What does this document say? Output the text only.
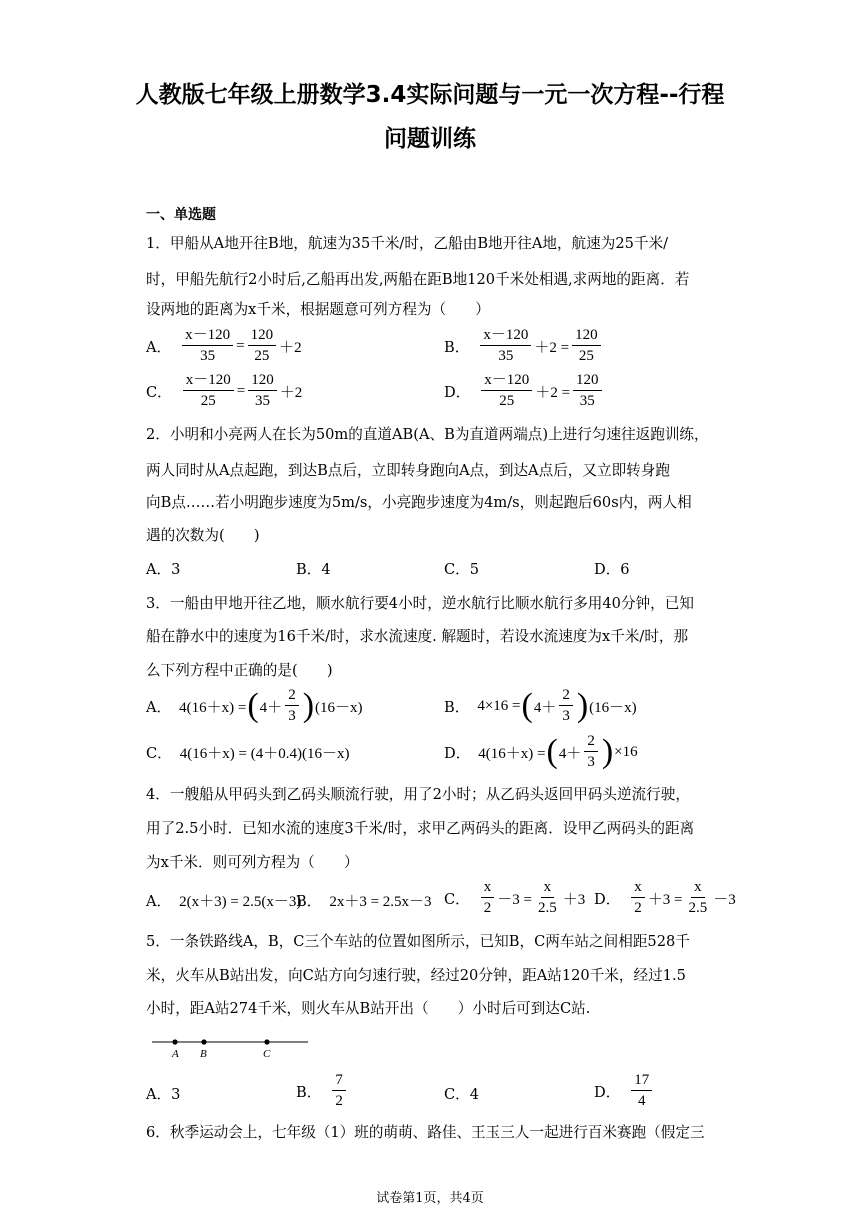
人教版七年级上册数学3.4实际问题与一元一次方程--行程
问题训练
一、单选题
1．甲船从A地开往B地，航速为35千米/时，乙船由B地开往A地，航速为25千米/
时，甲船先航行2小时后,乙船再出发,两船在距B地120千米处相遇,求两地的距离．若
设两地的距离为x千米，根据题意可列方程为（　　）
A． $\frac{x-120}{35} = \frac{120}{25} +2$	B． $\frac{x-120}{35} +2 = \frac{120}{25}$
C． $\frac{x-120}{25} = \frac{120}{35} +2$	D． $\frac{x-120}{25} +2 = \frac{120}{35}$
2．小明和小亮两人在长为50m的直道AB(A、B为直道两端点)上进行匀速往返跑训练，
两人同时从A点起跑，到达B点后，立即转身跑向A点，到达A点后，又立即转身跑
向B点……若小明跑步速度为5m/s，小亮跑步速度为4m/s，则起跑后60s内，两人相
遇的次数为(　　)
A．3	B．4	C．5	D．6
3．一船由甲地开往乙地，顺水航行要4小时，逆水航行比顺水航行多用40分钟，已知
船在静水中的速度为16千米/时，求水流速度. 解题时，若设水流速度为x千米/时，那
么下列方程中正确的是(　　)
A． 4(16＋x) = ( $4+ \frac{2}{3}$ ) (16－x)	B． 4×16 = ( $4+ \frac{2}{3}$ ) (16－x)
C． 4(16＋x) = (4＋0.4)(16－x)	D． 4(16＋x) = ( $4+ \frac{2}{3}$ ) ×16
4．一艘船从甲码头到乙码头顺流行驶，用了2小时；从乙码头返回甲码头逆流行驶，
用了2.5小时．已知水流的速度3千米/时，求甲乙两码头的距离．设甲乙两码头的距离
为x千米．则可列方程为（　　）
A． 2(x＋3) = 2.5(x－3)
B． 2x＋3 = 2.5x－3 C． $\frac{x}{2} -3 = \frac{x}{2.5} +3$ D． $\frac{x}{2} +3 = \frac{x}{2.5} -3$
5．一条铁路线A，B，C三个车站的位置如图所示，已知B，C两车站之间相距528千
米，火车从B站出发，向C站方向匀速行驶，经过20分钟，距A站120千米，经过1.5
小时，距A站274千米，则火车从B站开出（　　）小时后可到达C站.
A B	C
A．3	B． $\frac{7}{2}$	C．4	D． $\frac{17}{4}$
6．秋季运动会上，七年级（1）班的萌萌、路佳、王玉三人一起进行百米赛跑（假定三
试卷第1页，共4页
